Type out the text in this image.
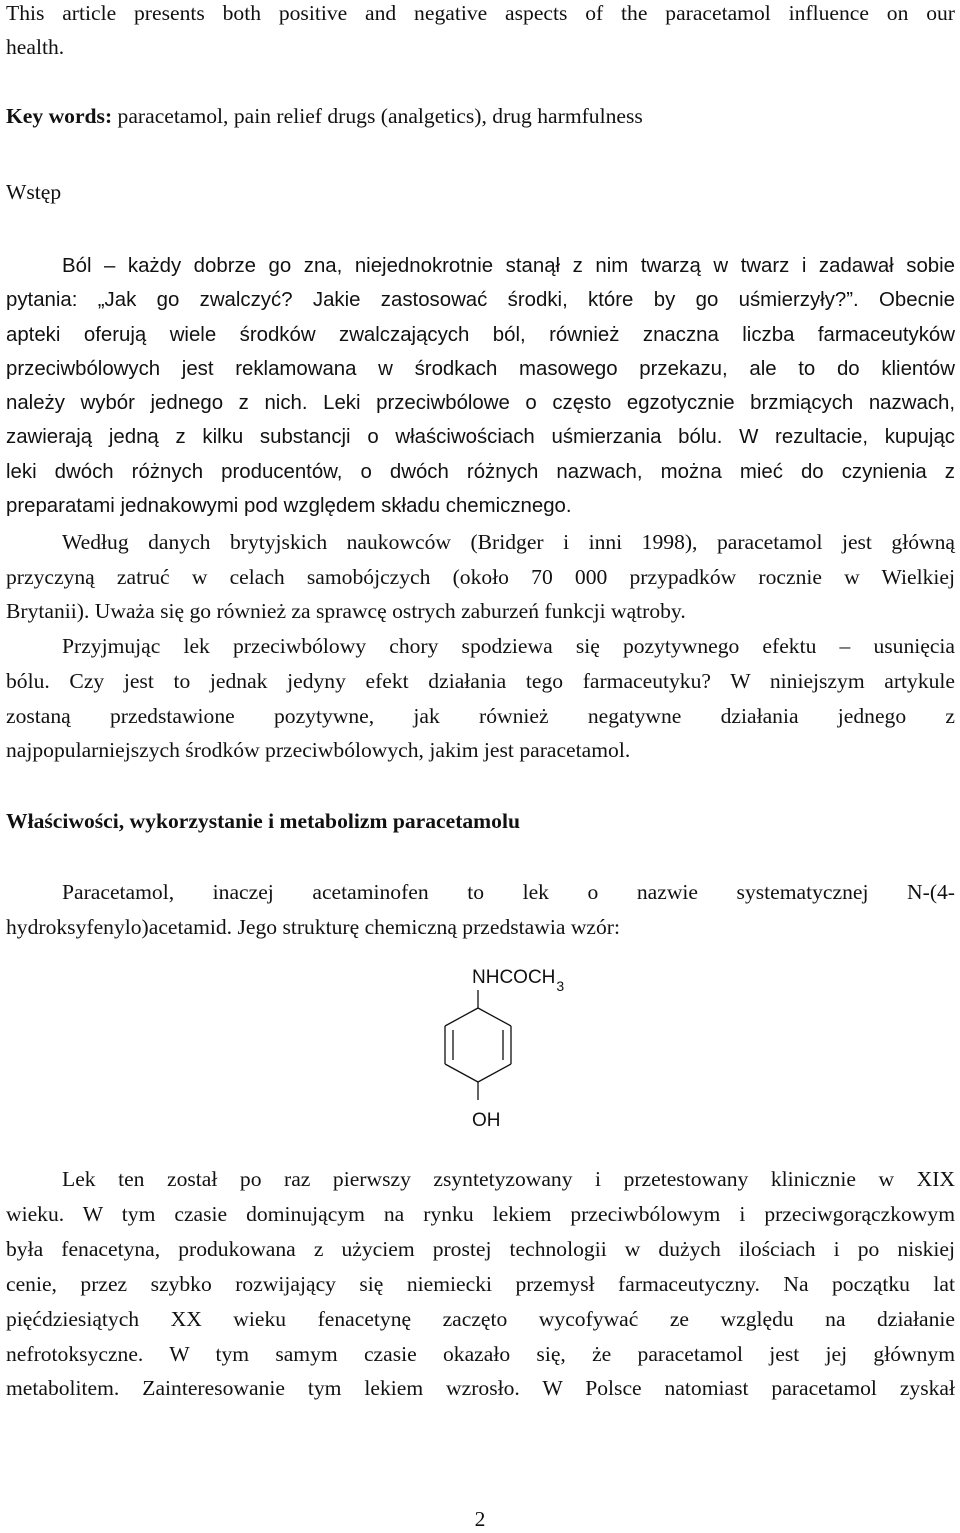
This article presents both positive and negative aspects of the paracetamol influence on our
health.
Key words: paracetamol, pain relief drugs (analgetics), drug harmfulness
Wstęp
Ból – każdy dobrze go zna, niejednokrotnie stanął z nim twarzą w twarz i zadawał sobie
pytania: „Jak go zwalczyć? Jakie zastosować środki, które by go uśmierzyły?”. Obecnie
apteki oferują wiele środków zwalczających ból, również znaczna liczba farmaceutyków
przeciwbólowych jest reklamowana w środkach masowego przekazu, ale to do klientów
należy wybór jednego z nich. Leki przeciwbólowe o często egzotycznie brzmiących nazwach,
zawierają jedną z kilku substancji o właściwościach uśmierzania bólu. W rezultacie, kupując
leki dwóch różnych producentów, o dwóch różnych nazwach, można mieć do czynienia z
preparatami jednakowymi pod względem składu chemicznego.
Według danych brytyjskich naukowców (Bridger i inni 1998), paracetamol jest główną
przyczyną zatruć w celach samobójczych (około 70 000 przypadków rocznie w Wielkiej
Brytanii). Uważa się go również za sprawcę ostrych zaburzeń funkcji wątroby.
Przyjmując lek przeciwbólowy chory spodziewa się pozytywnego efektu – usunięcia
bólu. Czy jest to jednak jedyny efekt działania tego farmaceutyku? W niniejszym artykule
zostaną przedstawione pozytywne, jak również negatywne działania jednego z
najpopularniejszych środków przeciwbólowych, jakim jest paracetamol.
Właściwości, wykorzystanie i metabolizm paracetamolu
Paracetamol, inaczej acetaminofen to lek o nazwie systematycznej N-(4-
hydroksyfenylo)acetamid. Jego strukturę chemiczną przedstawia wzór:
$NHCOCH_3$
OH
Lek ten został po raz pierwszy zsyntetyzowany i przetestowany klinicznie w XIX
wieku. W tym czasie dominującym na rynku lekiem przeciwbólowym i przeciwgorączkowym
była fenacetyna, produkowana z użyciem prostej technologii w dużych ilościach i po niskiej
cenie, przez szybko rozwijający się niemiecki przemysł farmaceutyczny. Na początku lat
pięćdziesiątych XX wieku fenacetynę zaczęto wycofywać ze względu na działanie
nefrotoksyczne. W tym samym czasie okazało się, że paracetamol jest jej głównym
metabolitem. Zainteresowanie tym lekiem wzrosło. W Polsce natomiast paracetamol zyskał
2
